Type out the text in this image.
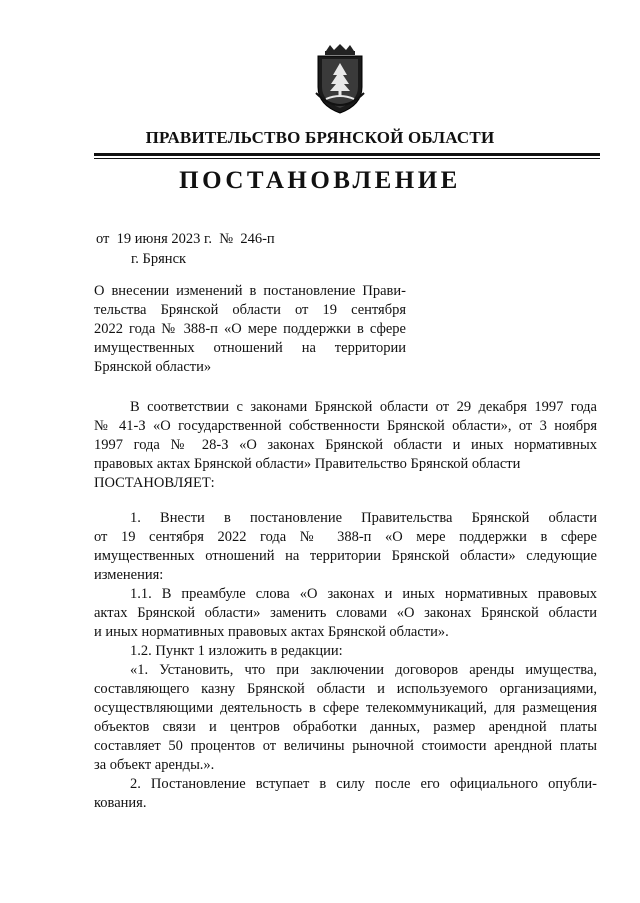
ПРАВИТЕЛЬСТВО БРЯНСКОЙ ОБЛАСТИ
ПОСТАНОВЛЕНИЕ
от  19 июня 2023 г.  №  246-п
г. Брянск
О внесении изменений в постановление Прави-
тельства Брянской области от 19 сентября
2022 года № 388-п «О мере поддержки в сфере
имущественных отношений на территории
Брянской области»
В соответствии с законами Брянской области от 29 декабря 1997 года
№ 41-З «О государственной собственности Брянской области», от 3 ноября
1997 года № 28-З «О законах Брянской области и иных нормативных
правовых актах Брянской области» Правительство Брянской области
ПОСТАНОВЛЯЕТ:
1. Внести в постановление Правительства Брянской области
от 19 сентября 2022 года № 388-п «О мере поддержки в сфере
имущественных отношений на территории Брянской области» следующие
изменения:
1.1. В преамбуле слова «О законах и иных нормативных правовых
актах Брянской области» заменить словами «О законах Брянской области
и иных нормативных правовых актах Брянской области».
1.2. Пункт 1 изложить в редакции:
«1. Установить, что при заключении договоров аренды имущества,
составляющего казну Брянской области и используемого организациями,
осуществляющими деятельность в сфере телекоммуникаций, для размещения
объектов связи и центров обработки данных, размер арендной платы
составляет 50 процентов от величины рыночной стоимости арендной платы
за объект аренды.».
2. Постановление вступает в силу после его официального опубли-
кования.
